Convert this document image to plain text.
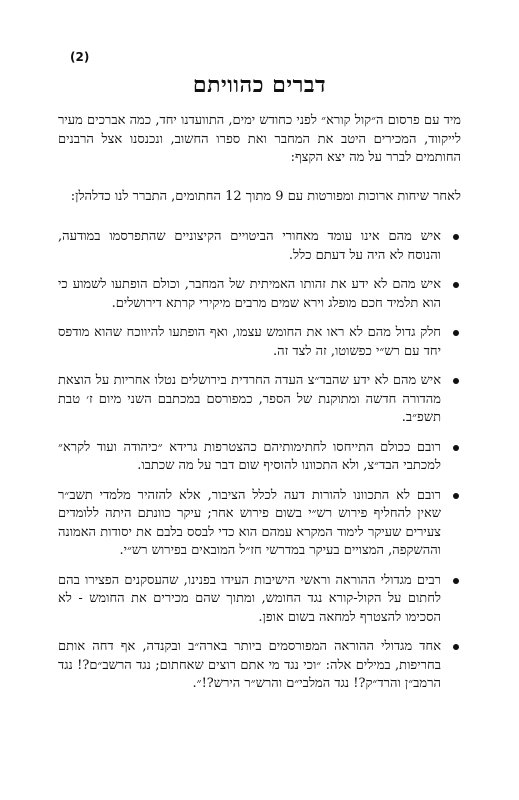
(2)
דברים כהוויתם

מיד עם פרסום ה״קול קורא״ לפני כחודש ימים, התוועדנו יחד, כמה אברכים מעיר לייקווד, המכירים היטב את המחבר ואת ספרו החשוב, ונכנסנו אצל הרבנים החותמים לברר על מה יצא הקצף:

לאחר שיחות ארוכות ומפורטות עם 9 מתוך 12 החתומים, התברר לנו כדלהלן:

איש מהם אינו עומד מאחורי הביטויים הקיצוניים שהתפרסמו במודעה, והנוסח לא היה על דעתם כלל.
איש מהם לא ידע את זהותו האמיתית של המחבר, וכולם הופתעו לשמוע כי הוא תלמיד חכם מופלג וירא שמים מרבים מיקירי קרתא דירושלים.
חלק גדול מהם לא ראו את החומש עצמו, ואף הופתעו להיווכח שהוא מודפס יחד עם רש״י כפשוטו, זה לצד זה.
איש מהם לא ידע שהבד״צ העדה החרדית בירושלים נטלו אחריות על הוצאת מהדורה חדשה ומתוקנת של הספר, כמפורסם במכתבם השני מיום ז׳ טבת תשפ״ב.
רובם ככולם התייחסו לחתימותיהם כהצטרפות גרידא ״כיהודה ועוד לקרא״ למכתבי הבד״צ, ולא התכוונו להוסיף שום דבר על מה שכתבו.
רובם לא התכוונו להורות דעה לכלל הציבור, אלא להזהיר מלמדי תשב״ר שאין להחליף פירוש רש״י בשום פירוש אחר; עיקר כוונתם היתה ללומדים צעירים שעיקר לימוד המקרא עמהם הוא כדי לבסס בלבם את יסודות האמונה וההשקפה, המצויים בעיקר במדרשי חז״ל המובאים בפירוש רש״י.
רבים מגדולי ההוראה וראשי הישיבות העידו בפנינו, שהעסקנים הפצירו בהם לחתום על הקול-קורא נגד החומש, ומתוך שהם מכירים את החומש - לא הסכימו להצטרף למחאה בשום אופן.
אחד מגדולי ההוראה המפורסמים ביותר בארה״ב ובקנדה, אף דחה אותם בחריפות, במילים אלה: ״וכי נגד מי אתם רוצים שאחתום; נגד הרשב״ם?! נגד הרמב״ן והרד״ק?! נגד המלבי״ם והרש״ר הירש?!״.
